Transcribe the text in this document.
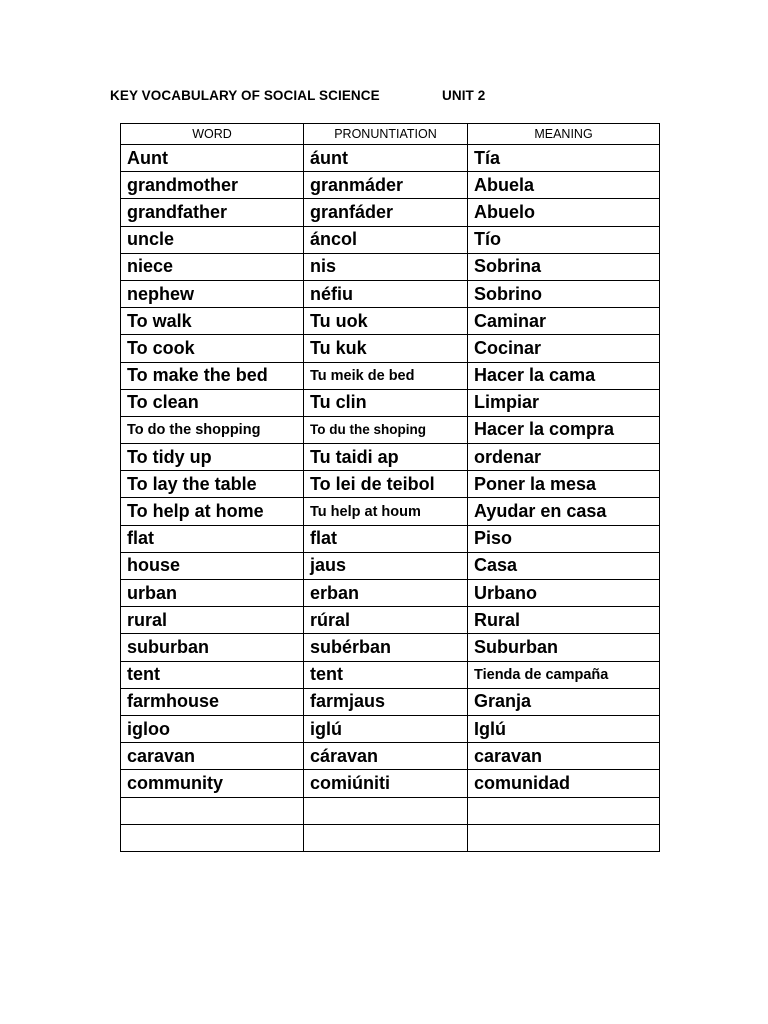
KEY VOCABULARY OF SOCIAL SCIENCE	UNIT 2
WORD	PRONUNTIATION	MEANING
Aunt	áunt	Tía
grandmother	granmáder	Abuela
grandfather	granfáder	Abuelo
uncle	áncol	Tío
niece	nis	Sobrina
nephew	néfiu	Sobrino
To walk	Tu uok	Caminar
To cook	Tu kuk	Cocinar
To make the bed	Tu meik de bed	Hacer la cama
To clean	Tu clin	Limpiar
To do the shopping	To du the shoping	Hacer la compra
To tidy up	Tu taidi ap	ordenar
To lay the table	To lei de teibol	Poner la mesa
To help at home	Tu help at houm	Ayudar en casa
flat	flat	Piso
house	jaus	Casa
urban	erban	Urbano
rural	rúral	Rural
suburban	subérban	Suburban
tent	tent	Tienda de campaña
farmhouse	farmjaus	Granja
igloo	iglú	Iglú
caravan	cáravan	caravan
community	comiúniti	comunidad
